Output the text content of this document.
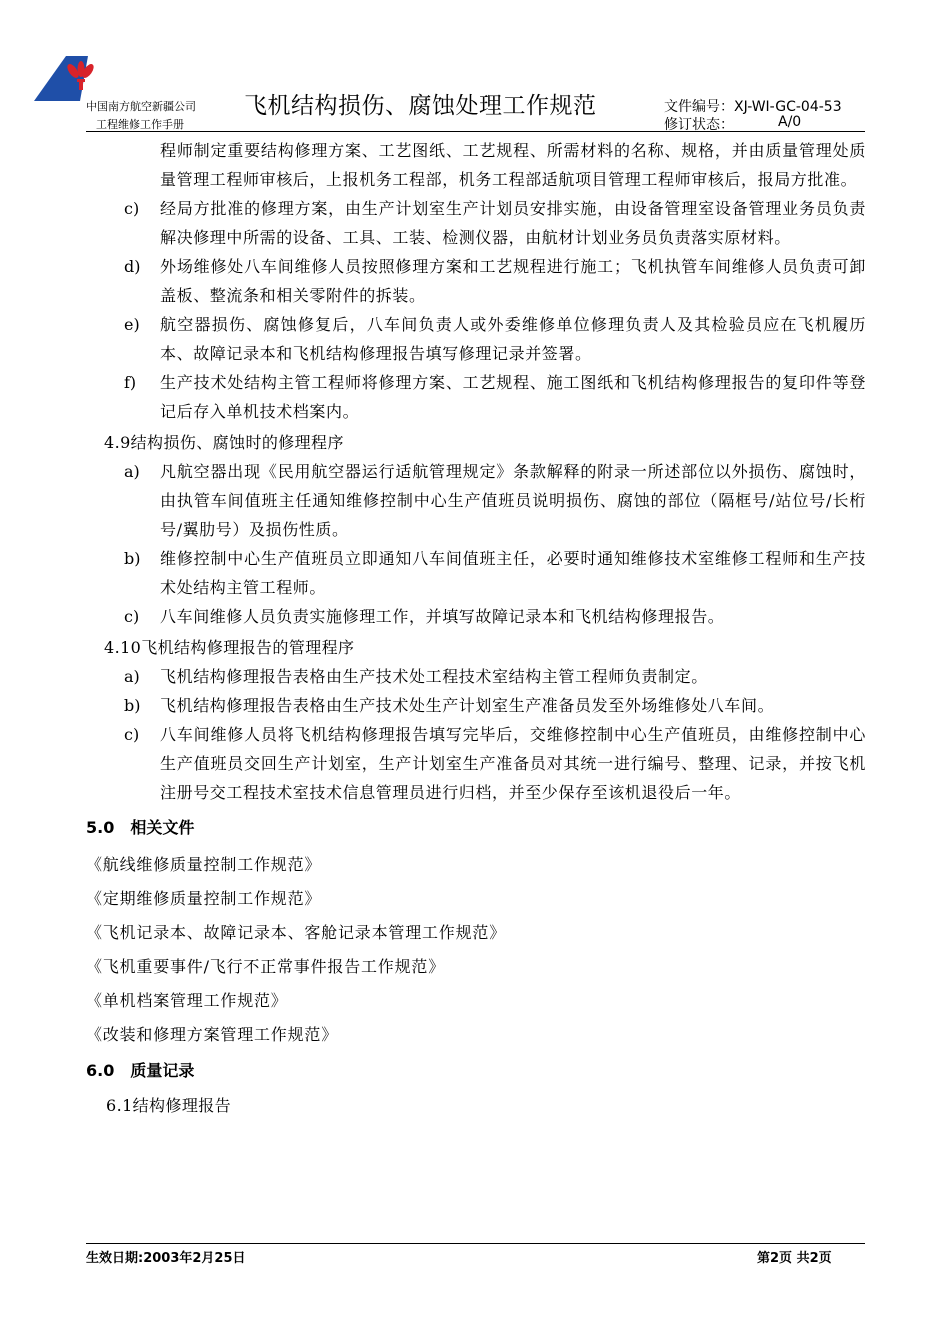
中国南方航空新疆公司
工程维修工作手册
飞机结构损伤、腐蚀处理工作规范	文件编号：XJ-WI-GC-04-53
修订状态：	A/0
程师制定重要结构修理方案、工艺图纸、工艺规程、所需材料的名称、规格，并由质量管理处质量管理工程师审核后，上报机务工程部，机务工程部适航项目管理工程师审核后，报局方批准。
c) 经局方批准的修理方案，由生产计划室生产计划员安排实施，由设备管理室设备管理业务员负责解决修理中所需的设备、工具、工装、检测仪器，由航材计划业务员负责落实原材料。
d) 外场维修处八车间维修人员按照修理方案和工艺规程进行施工；飞机执管车间维修人员负责可卸盖板、整流条和相关零附件的拆装。
e) 航空器损伤、腐蚀修复后，八车间负责人或外委维修单位修理负责人及其检验员应在飞机履历本、故障记录本和飞机结构修理报告填写修理记录并签署。
f) 生产技术处结构主管工程师将修理方案、工艺规程、施工图纸和飞机结构修理报告的复印件等登记后存入单机技术档案内。
4.9结构损伤、腐蚀时的修理程序
a) 凡航空器出现《民用航空器运行适航管理规定》条款解释的附录一所述部位以外损伤、腐蚀时，由执管车间值班主任通知维修控制中心生产值班员说明损伤、腐蚀的部位（隔框号/站位号/长桁号/翼肋号）及损伤性质。
b) 维修控制中心生产值班员立即通知八车间值班主任，必要时通知维修技术室维修工程师和生产技术处结构主管工程师。
c) 八车间维修人员负责实施修理工作，并填写故障记录本和飞机结构修理报告。
4.10飞机结构修理报告的管理程序
a) 飞机结构修理报告表格由生产技术处工程技术室结构主管工程师负责制定。
b) 飞机结构修理报告表格由生产技术处生产计划室生产准备员发至外场维修处八车间。
c) 八车间维修人员将飞机结构修理报告填写完毕后，交维修控制中心生产值班员，由维修控制中心生产值班员交回生产计划室，生产计划室生产准备员对其统一进行编号、整理、记录，并按飞机注册号交工程技术室技术信息管理员进行归档，并至少保存至该机退役后一年。
5.0　相关文件
《航线维修质量控制工作规范》
《定期维修质量控制工作规范》
《飞机记录本、故障记录本、客舱记录本管理工作规范》
《飞机重要事件/飞行不正常事件报告工作规范》
《单机档案管理工作规范》
《改装和修理方案管理工作规范》
6.0　质量记录
6.1结构修理报告
生效日期:2003年2月25日	第2页 共2页
